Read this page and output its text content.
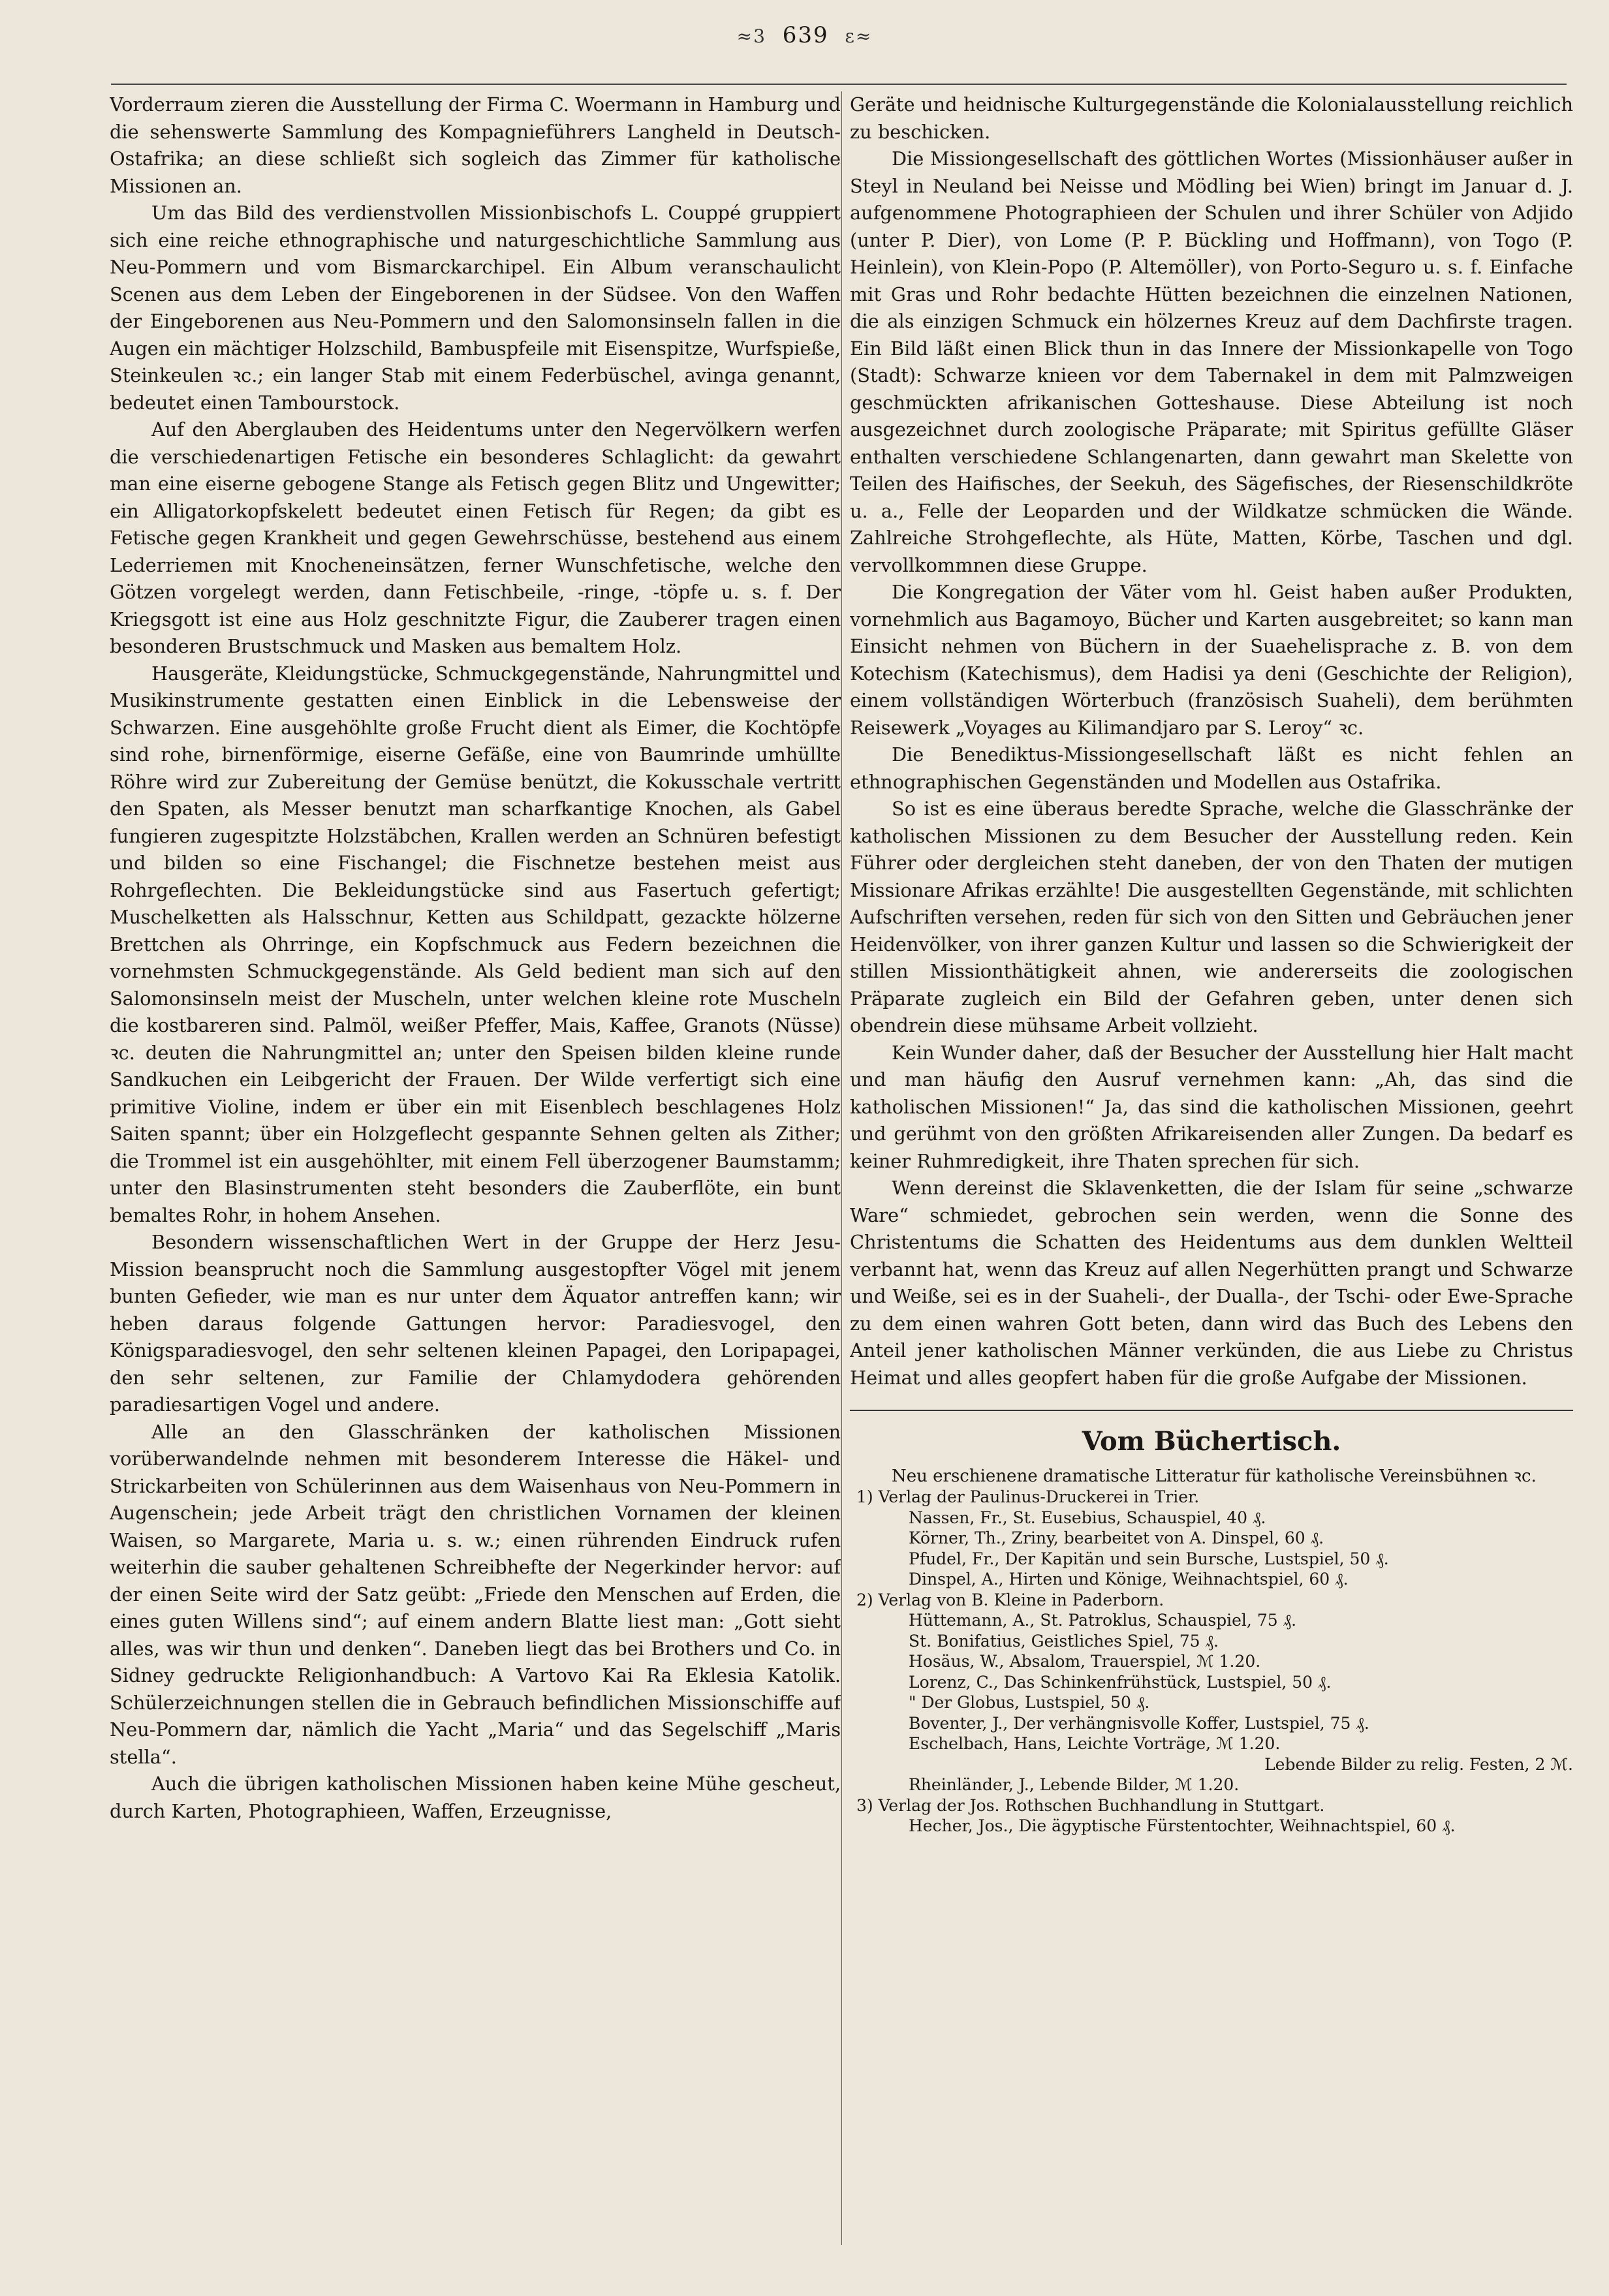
≈3 639 ε≈

Vorderraum zieren die Ausstellung der Firma C. Woermann in Hamburg und die sehenswerte Sammlung des Kompagnieführers Langheld in Deutsch-Ostafrika; an diese schließt sich sogleich das Zimmer für katholische Missionen an.

Um das Bild des verdienstvollen Missionbischofs L. Couppé gruppiert sich eine reiche ethnographische und naturgeschichtliche Sammlung aus Neu-Pommern und vom Bismarckarchipel. Ein Album veranschaulicht Scenen aus dem Leben der Eingeborenen in der Südsee. Von den Waffen der Eingeborenen aus Neu-Pommern und den Salomonsinseln fallen in die Augen ein mächtiger Holzschild, Bambuspfeile mit Eisenspitze, Wurfspieße, Steinkeulen ꝛc.; ein langer Stab mit einem Federbüschel, avinga genannt, bedeutet einen Tambourstock.

Auf den Aberglauben des Heidentums unter den Negervölkern werfen die verschiedenartigen Fetische ein besonderes Schlaglicht: da gewahrt man eine eiserne gebogene Stange als Fetisch gegen Blitz und Ungewitter; ein Alligatorkopfskelett bedeutet einen Fetisch für Regen; da gibt es Fetische gegen Krankheit und gegen Gewehrschüsse, bestehend aus einem Lederriemen mit Knocheneinsätzen, ferner Wunschfetische, welche den Götzen vorgelegt werden, dann Fetischbeile, -ringe, -töpfe u. s. f. Der Kriegsgott ist eine aus Holz geschnitzte Figur, die Zauberer tragen einen besonderen Brustschmuck und Masken aus bemaltem Holz.

Hausgeräte, Kleidungstücke, Schmuckgegenstände, Nahrungmittel und Musikinstrumente gestatten einen Einblick in die Lebensweise der Schwarzen. Eine ausgehöhlte große Frucht dient als Eimer, die Kochtöpfe sind rohe, birnenförmige, eiserne Gefäße, eine von Baumrinde umhüllte Röhre wird zur Zubereitung der Gemüse benützt, die Kokusschale vertritt den Spaten, als Messer benutzt man scharfkantige Knochen, als Gabel fungieren zugespitzte Holzstäbchen, Krallen werden an Schnüren befestigt und bilden so eine Fischangel; die Fischnetze bestehen meist aus Rohrgeflechten. Die Bekleidungstücke sind aus Fasertuch gefertigt; Muschelketten als Halsschnur, Ketten aus Schildpatt, gezackte hölzerne Brettchen als Ohrringe, ein Kopfschmuck aus Federn bezeichnen die vornehmsten Schmuckgegenstände. Als Geld bedient man sich auf den Salomonsinseln meist der Muscheln, unter welchen kleine rote Muscheln die kostbareren sind. Palmöl, weißer Pfeffer, Mais, Kaffee, Granots (Nüsse) ꝛc. deuten die Nahrungmittel an; unter den Speisen bilden kleine runde Sandkuchen ein Leibgericht der Frauen. Der Wilde verfertigt sich eine primitive Violine, indem er über ein mit Eisenblech beschlagenes Holz Saiten spannt; über ein Holzgeflecht gespannte Sehnen gelten als Zither; die Trommel ist ein ausgehöhlter, mit einem Fell überzogener Baumstamm; unter den Blasinstrumenten steht besonders die Zauberflöte, ein bunt bemaltes Rohr, in hohem Ansehen.

Besondern wissenschaftlichen Wert in der Gruppe der Herz Jesu-Mission beansprucht noch die Sammlung ausgestopfter Vögel mit jenem bunten Gefieder, wie man es nur unter dem Äquator antreffen kann; wir heben daraus folgende Gattungen hervor: Paradiesvogel, den Königsparadiesvogel, den sehr seltenen kleinen Papagei, den Loripapagei, den sehr seltenen, zur Familie der Chlamydodera gehörenden paradiesartigen Vogel und andere.

Alle an den Glasschränken der katholischen Missionen vorüberwandelnde nehmen mit besonderem Interesse die Häkel- und Strickarbeiten von Schülerinnen aus dem Waisenhaus von Neu-Pommern in Augenschein; jede Arbeit trägt den christlichen Vornamen der kleinen Waisen, so Margarete, Maria u. s. w.; einen rührenden Eindruck rufen weiterhin die sauber gehaltenen Schreibhefte der Negerkinder hervor: auf der einen Seite wird der Satz geübt: „Friede den Menschen auf Erden, die eines guten Willens sind“; auf einem andern Blatte liest man: „Gott sieht alles, was wir thun und denken“. Daneben liegt das bei Brothers und Co. in Sidney gedruckte Religionhandbuch: A Vartovo Kai Ra Eklesia Katolik. Schülerzeichnungen stellen die in Gebrauch befindlichen Missionschiffe auf Neu-Pommern dar, nämlich die Yacht „Maria“ und das Segelschiff „Maris stella“.

Auch die übrigen katholischen Missionen haben keine Mühe gescheut, durch Karten, Photographieen, Waffen, Erzeugnisse,

Geräte und heidnische Kulturgegenstände die Kolonialausstellung reichlich zu beschicken.

Die Missiongesellschaft des göttlichen Wortes (Missionhäuser außer in Steyl in Neuland bei Neisse und Mödling bei Wien) bringt im Januar d. J. aufgenommene Photographieen der Schulen und ihrer Schüler von Adjido (unter P. Dier), von Lome (P. P. Bückling und Hoffmann), von Togo (P. Heinlein), von Klein-Popo (P. Altemöller), von Porto-Seguro u. s. f. Einfache mit Gras und Rohr bedachte Hütten bezeichnen die einzelnen Nationen, die als einzigen Schmuck ein hölzernes Kreuz auf dem Dachfirste tragen. Ein Bild läßt einen Blick thun in das Innere der Missionkapelle von Togo (Stadt): Schwarze knieen vor dem Tabernakel in dem mit Palmzweigen geschmückten afrikanischen Gotteshause. Diese Abteilung ist noch ausgezeichnet durch zoologische Präparate; mit Spiritus gefüllte Gläser enthalten verschiedene Schlangenarten, dann gewahrt man Skelette von Teilen des Haifisches, der Seekuh, des Sägefisches, der Riesenschildkröte u. a., Felle der Leoparden und der Wildkatze schmücken die Wände. Zahlreiche Strohgeflechte, als Hüte, Matten, Körbe, Taschen und dgl. vervollkommnen diese Gruppe.

Die Kongregation der Väter vom hl. Geist haben außer Produkten, vornehmlich aus Bagamoyo, Bücher und Karten ausgebreitet; so kann man Einsicht nehmen von Büchern in der Suaehelisprache z. B. von dem Kotechism (Katechismus), dem Hadisi ya deni (Geschichte der Religion), einem vollständigen Wörterbuch (französisch Suaheli), dem berühmten Reisewerk „Voyages au Kilimandjaro par S. Leroy“ ꝛc.

Die Benediktus-Missiongesellschaft läßt es nicht fehlen an ethnographischen Gegenständen und Modellen aus Ostafrika.

So ist es eine überaus beredte Sprache, welche die Glasschränke der katholischen Missionen zu dem Besucher der Ausstellung reden. Kein Führer oder dergleichen steht daneben, der von den Thaten der mutigen Missionare Afrikas erzählte! Die ausgestellten Gegenstände, mit schlichten Aufschriften versehen, reden für sich von den Sitten und Gebräuchen jener Heidenvölker, von ihrer ganzen Kultur und lassen so die Schwierigkeit der stillen Missionthätigkeit ahnen, wie andererseits die zoologischen Präparate zugleich ein Bild der Gefahren geben, unter denen sich obendrein diese mühsame Arbeit vollzieht.

Kein Wunder daher, daß der Besucher der Ausstellung hier Halt macht und man häufig den Ausruf vernehmen kann: „Ah, das sind die katholischen Missionen!“ Ja, das sind die katholischen Missionen, geehrt und gerühmt von den größten Afrikareisenden aller Zungen. Da bedarf es keiner Ruhmredigkeit, ihre Thaten sprechen für sich.

Wenn dereinst die Sklavenketten, die der Islam für seine „schwarze Ware“ schmiedet, gebrochen sein werden, wenn die Sonne des Christentums die Schatten des Heidentums aus dem dunklen Weltteil verbannt hat, wenn das Kreuz auf allen Negerhütten prangt und Schwarze und Weiße, sei es in der Suaheli-, der Dualla-, der Tschi- oder Ewe-Sprache zu dem einen wahren Gott beten, dann wird das Buch des Lebens den Anteil jener katholischen Männer verkünden, die aus Liebe zu Christus Heimat und alles geopfert haben für die große Aufgabe der Missionen.

Vom Büchertisch.

Neu erschienene dramatische Litteratur für katholische Vereinsbühnen ꝛc.

1) Verlag der Paulinus-Druckerei in Trier.
Nassen, Fr., St. Eusebius, Schauspiel, 40 ₰.
Körner, Th., Zriny, bearbeitet von A. Dinspel, 60 ₰.
Pfudel, Fr., Der Kapitän und sein Bursche, Lustspiel, 50 ₰.
Dinspel, A., Hirten und Könige, Weihnachtspiel, 60 ₰.
2) Verlag von B. Kleine in Paderborn.
Hüttemann, A., St. Patroklus, Schauspiel, 75 ₰.
St. Bonifatius, Geistliches Spiel, 75 ₰.
Hosäus, W., Absalom, Trauerspiel, ℳ 1.20.
Lorenz, C., Das Schinkenfrühstück, Lustspiel, 50 ₰.
" Der Globus, Lustspiel, 50 ₰.
Boventer, J., Der verhängnisvolle Koffer, Lustspiel, 75 ₰.
Eschelbach, Hans, Leichte Vorträge, ℳ 1.20.
Lebende Bilder zu relig. Festen, 2 ℳ.
Rheinländer, J., Lebende Bilder, ℳ 1.20.
3) Verlag der Jos. Rothschen Buchhandlung in Stuttgart.
Hecher, Jos., Die ägyptische Fürstentochter, Weihnachtspiel, 60 ₰.
